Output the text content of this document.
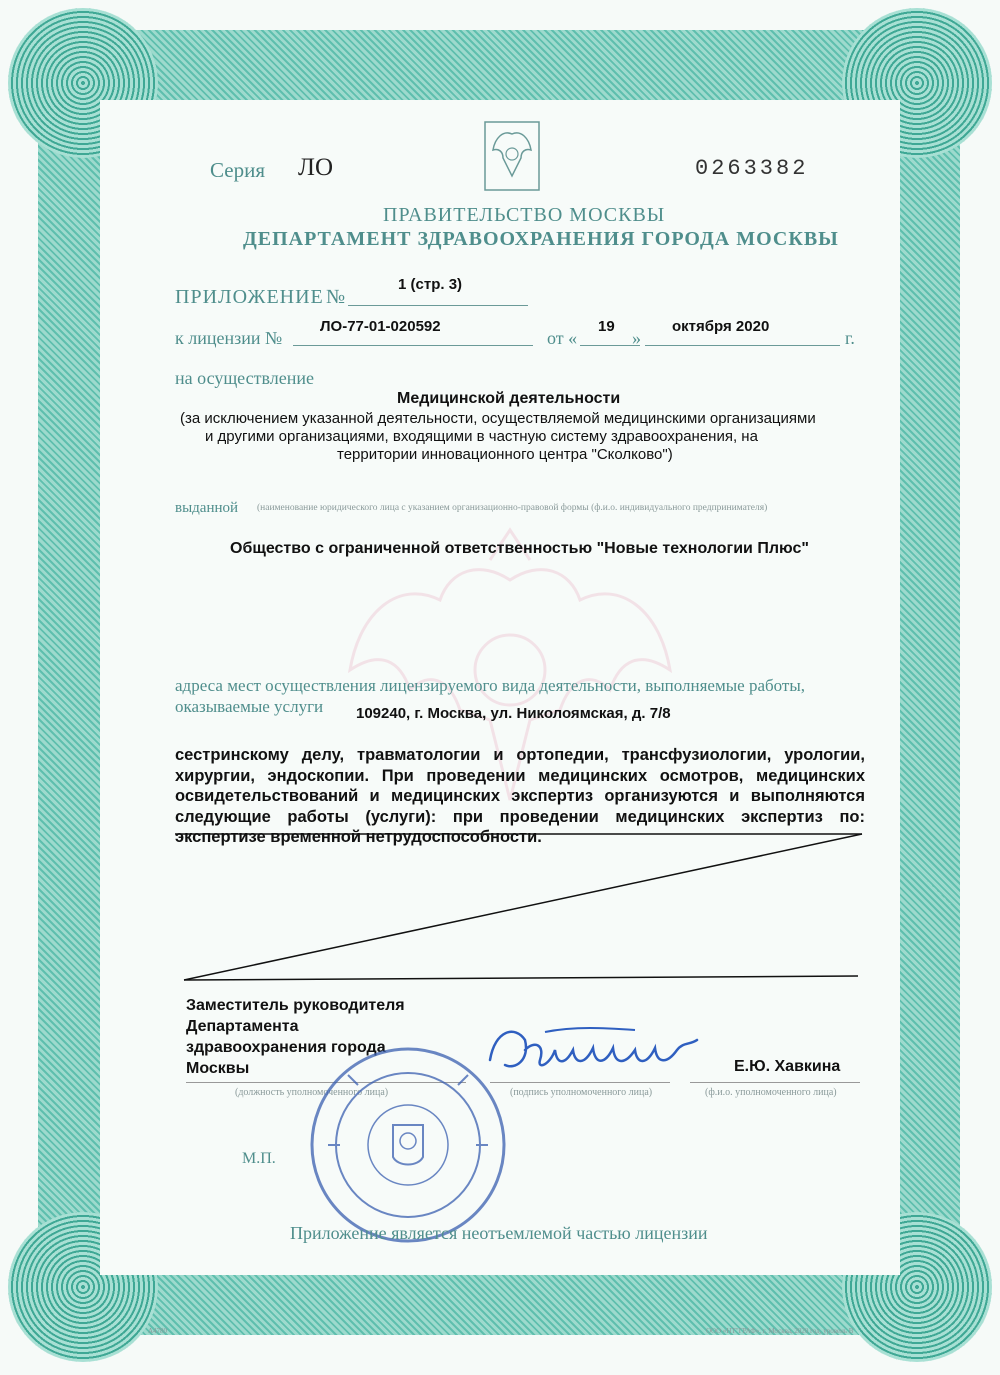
Серия ЛО	0263382
ПРАВИТЕЛЬСТВО МОСКВЫ
ДЕПАРТАМЕНТ ЗДРАВООХРАНЕНИЯ ГОРОДА МОСКВЫ
ПРИЛОЖЕНИЕ №
1 (стр. 3)
к лицензии №
ЛО-77-01-020592
от «
19
»
октября 2020
г.
на осуществление
Медицинской деятельности
(за исключением указанной деятельности, осуществляемой медицинскими организациями
и другими организациями, входящими в частную систему здравоохранения, на
территории инновационного центра "Сколково")
выданной (наименование юридического лица с указанием организационно-правовой формы (ф.и.о. индивидуального предпринимателя)
Общество с ограниченной ответственностью "Новые технологии Плюс"
адреса мест осуществления лицензируемого вида деятельности, выполняемые работы,
оказываемые услуги 109240, г. Москва, ул. Николоямская, д. 7/8
сестринскому делу, травматологии и ортопедии, трансфузиологии, урологии, хирургии, эндоскопии. При проведении медицинских осмотров, медицинских освидетельствований и медицинских экспертиз организуются и выполняются следующие работы (услуги): при проведении медицинских экспертиз по: экспертизе временной нетрудоспособности.
Заместитель руководителя
Департамента
здравоохранения города
Москвы	Е.Ю. Хавкина
(должность уполномоченного лица)	(подпись уполномоченного лица)	(ф.и.о. уполномоченного лица)
М.П.
Приложение является неотъемлемой частью лицензии
А4780	ООО «НТ"ГРАФ», г. Москва, 2020 год, уровень В
